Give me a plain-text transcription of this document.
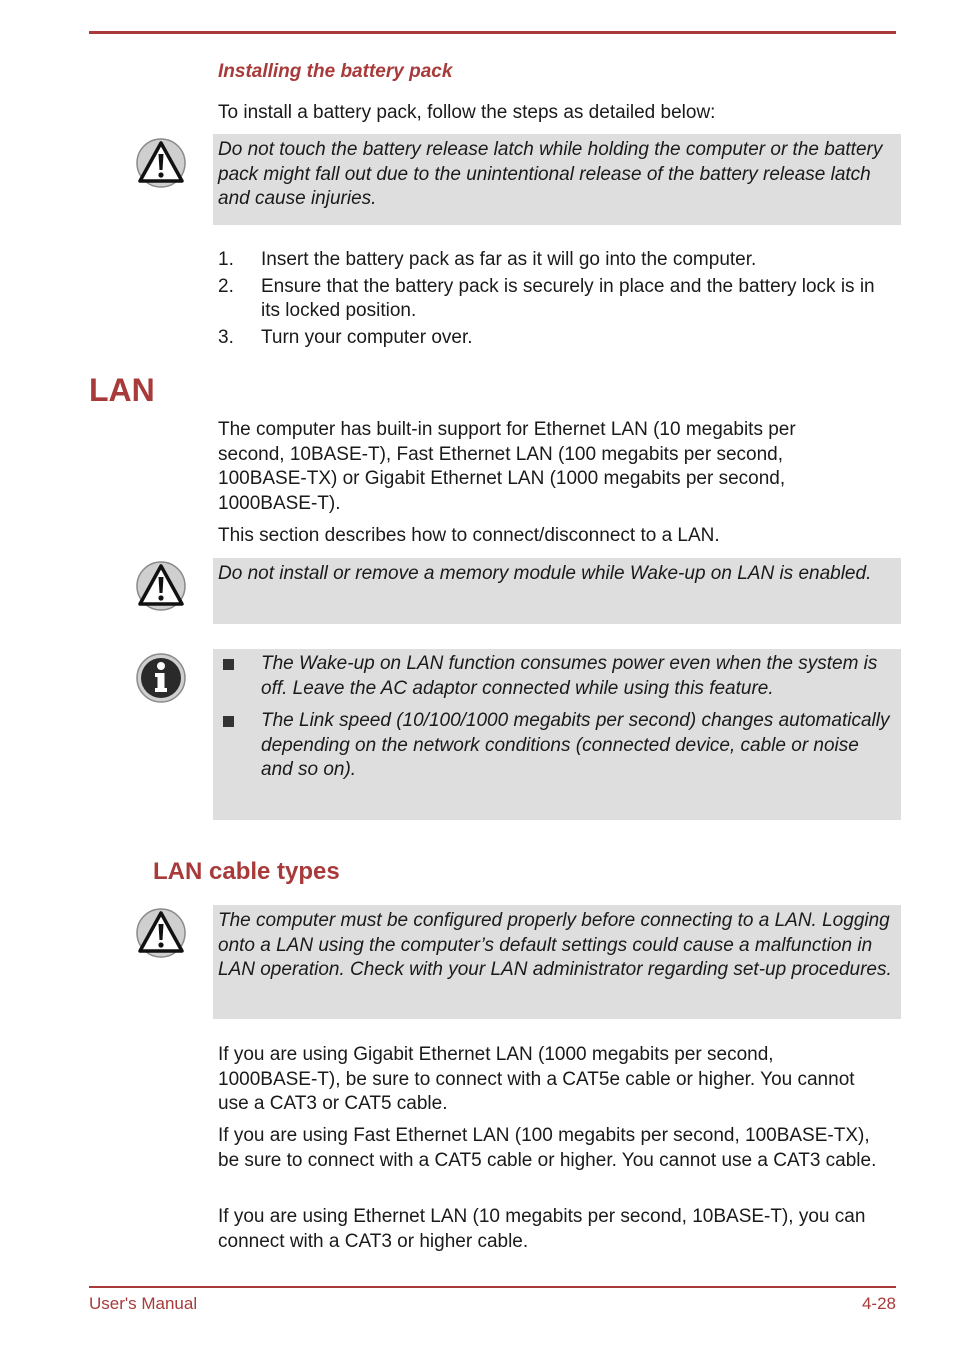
Installing the battery pack
To install a battery pack, follow the steps as detailed below:
Do not touch the battery release latch while holding the computer or the battery pack might fall out due to the unintentional release of the battery release latch and cause injuries.
1. Insert the battery pack as far as it will go into the computer.
2. Ensure that the battery pack is securely in place and the battery lock is in its locked position.
3. Turn your computer over.
LAN
The computer has built-in support for Ethernet LAN (10 megabits per second, 10BASE-T), Fast Ethernet LAN (100 megabits per second, 100BASE-TX) or Gigabit Ethernet LAN (1000 megabits per second, 1000BASE-T).
This section describes how to connect/disconnect to a LAN.
Do not install or remove a memory module while Wake-up on LAN is enabled.
The Wake-up on LAN function consumes power even when the system is off. Leave the AC adaptor connected while using this feature.
The Link speed (10/100/1000 megabits per second) changes automatically depending on the network conditions (connected device, cable or noise and so on).
LAN cable types
The computer must be configured properly before connecting to a LAN. Logging onto a LAN using the computer’s default settings could cause a malfunction in LAN operation. Check with your LAN administrator regarding set-up procedures.
If you are using Gigabit Ethernet LAN (1000 megabits per second, 1000BASE-T), be sure to connect with a CAT5e cable or higher. You cannot use a CAT3 or CAT5 cable.
If you are using Fast Ethernet LAN (100 megabits per second, 100BASE-TX), be sure to connect with a CAT5 cable or higher. You cannot use a CAT3 cable.
If you are using Ethernet LAN (10 megabits per second, 10BASE-T), you can connect with a CAT3 or higher cable.
User's Manual	4-28
